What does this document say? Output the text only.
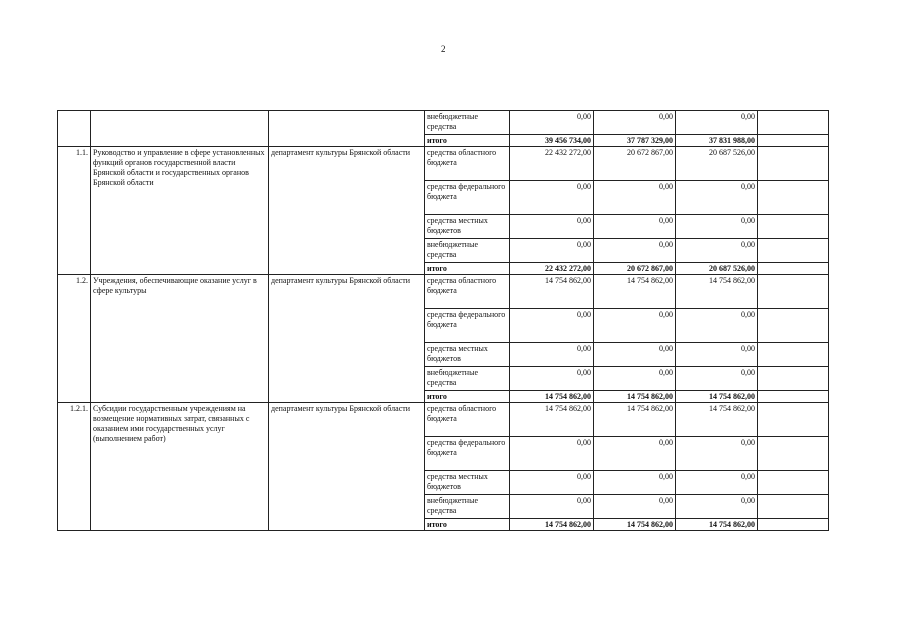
2
			внебюджетные средства	0,00	0,00	0,00	
			итого	39 456 734,00	37 787 329,00	37 831 988,00	
1.1.	Руководство и управление в сфере установленных функций органов государственной власти Брянской области и государственных органов Брянской области	департамент культуры Брянской области	средства областного бюджета	22 432 272,00	20 672 867,00	20 687 526,00	
			средства федерального бюджета	0,00	0,00	0,00	
			средства местных бюджетов	0,00	0,00	0,00	
			внебюджетные средства	0,00	0,00	0,00	
			итого	22 432 272,00	20 672 867,00	20 687 526,00	
1.2.	Учреждения, обеспечивающие оказание услуг в сфере культуры	департамент культуры Брянской области	средства областного бюджета	14 754 862,00	14 754 862,00	14 754 862,00	
			средства федерального бюджета	0,00	0,00	0,00	
			средства местных бюджетов	0,00	0,00	0,00	
			внебюджетные средства	0,00	0,00	0,00	
			итого	14 754 862,00	14 754 862,00	14 754 862,00	
1.2.1.	Субсидии государственным учреждениям на возмещение нормативных затрат, связанных с оказанием ими государственных услуг (выполнением работ)	департамент культуры Брянской области	средства областного бюджета	14 754 862,00	14 754 862,00	14 754 862,00	
			средства федерального бюджета	0,00	0,00	0,00	
			средства местных бюджетов	0,00	0,00	0,00	
			внебюджетные средства	0,00	0,00	0,00	
			итого	14 754 862,00	14 754 862,00	14 754 862,00	
